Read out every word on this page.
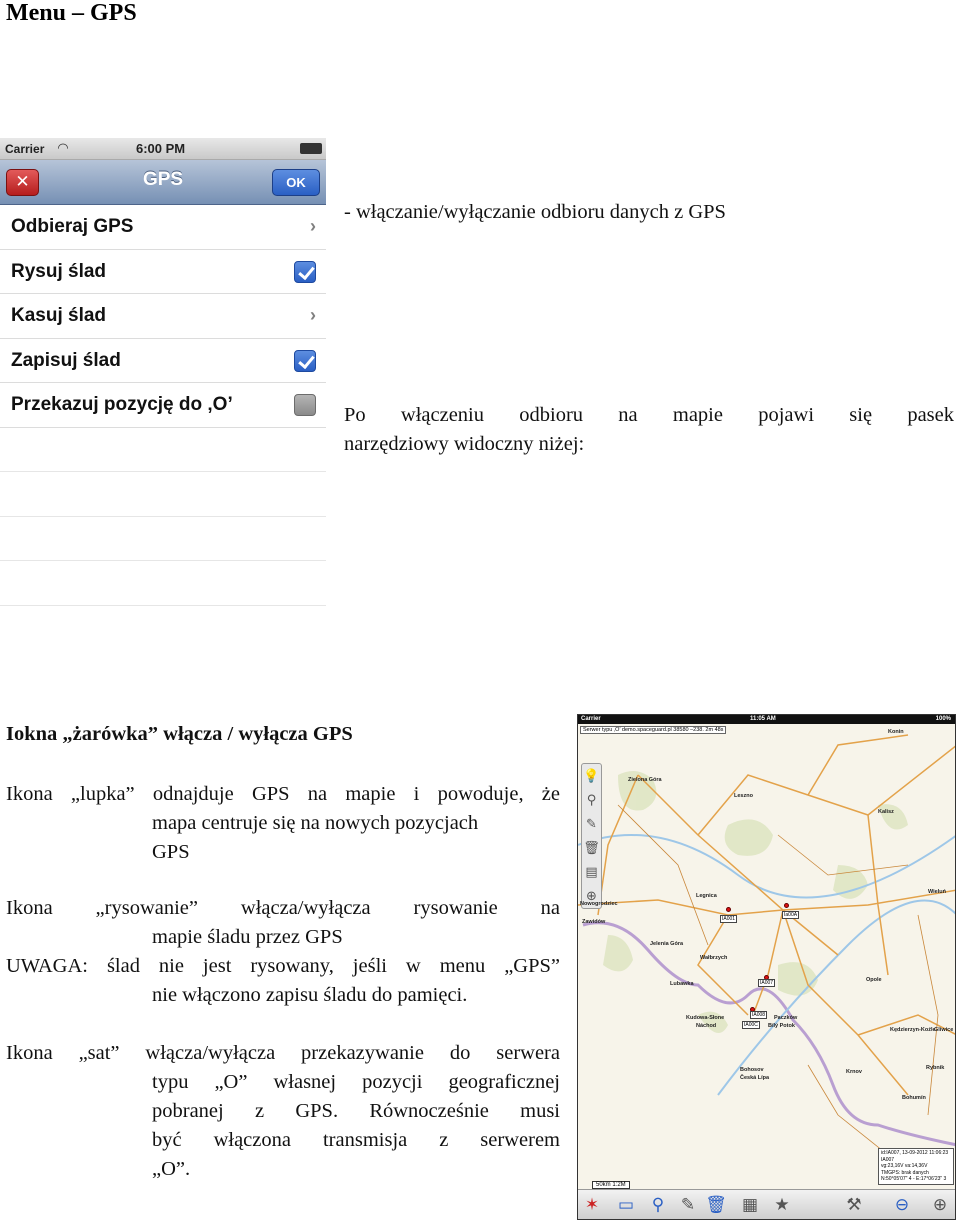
Menu – GPS
Carrier ◠	6:00 PM
✕	GPS	OK
Odbieraj GPS	›
Rysuj ślad
Kasuj ślad	›
Zapisuj ślad
Przekazuj pozycję do ‚O’
- włączanie/wyłączanie odbioru danych z GPS
Po włączeniu odbioru na mapie pojawi się pasek
narzędziowy widoczny niżej:
Iokna „żarówka” włącza / wyłącza GPS
Ikona „lupka” odnajduje GPS na mapie i powoduje, że
mapa centruje się na nowych pozycjach
GPS
Ikona „rysowanie” włącza/wyłącza rysowanie na
mapie śladu przez GPS
UWAGA: ślad nie jest rysowany, jeśli w menu „GPS”
nie włączono zapisu śladu do pamięci.
Ikona „sat” włącza/wyłącza przekazywanie do serwera
typu „O” własnej pozycji geograficznej
pobranej z GPS. Równocześnie musi
być włączona transmisja z serwerem
„O”.
Carrier	11:05 AM	100%
Serwer typu ‚O’ demo.spaceguard.pl 38580 –238. 2m 48s
💡
⚲
✎
🗑
▤
⊕
Konin
Zielona Góra
Leszno
Kalisz
Legnica
Wieluń
Jelenia Góra
Wałbrzych
Opole
Lubawka
Kudowa-Słone	Paczków
Bílý Potok
Kędzierzyn-Koźle
Rybnik
Bohumín
Bohosov
Zawidów
Nowogrodziec
Krnov
Gliwice
Náchod
Česká Lípa
IA001
IA007
IA008
IA00C
Ia00A
50km 1:2M
id:IA007, 13-09-2012 11:06:23
IA007
vg:23,16V va:14,36V
TMGPS: brak danych
N:50°05'07" 4 - E:17°06'23" 3
✶ ▭	⚲ ✎ 🗑 ▦ ★	⚒ ⊖ ⊕
